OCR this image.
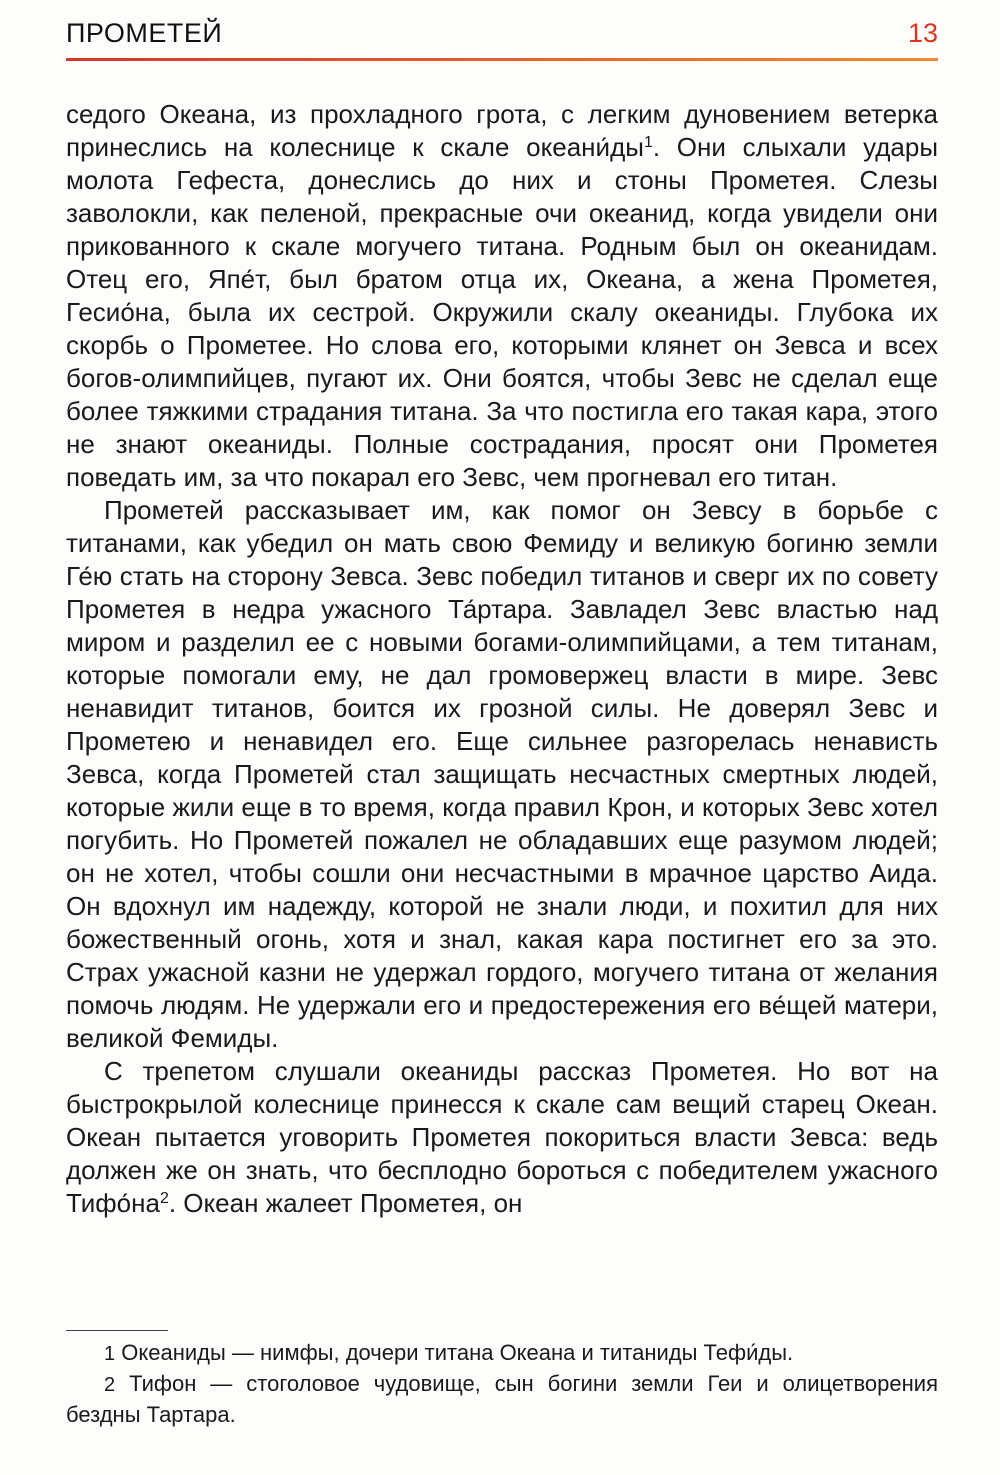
ПРОМЕТЕЙ	13

седого Океана, из прохладного грота, с легким дуновением ветерка принеслись на колеснице к скале $океани́ды^1$. Они слыхали удары молота Гефеста, донеслись до них и стоны Прометея. Слезы заволокли, как пеленой, прекрасные очи океанид, когда увидели они прикованного к скале могучего титана. Родным был он океанидам. Отец его, Япе́т, был братом отца их, Океана, а жена Прометея, Гесио́на, была их сестрой. Окружили скалу океаниды. Глубока их скорбь о Прометее. Но слова его, которыми клянет он Зевса и всех богов-олимпийцев, пугают их. Они боятся, чтобы Зевс не сделал еще более тяжкими страдания титана. За что постигла его такая кара, этого не знают океаниды. Полные сострадания, просят они Прометея поведать им, за что покарал его Зевс, чем прогневал его титан.

Прометей рассказывает им, как помог он Зевсу в борьбе с титанами, как убедил он мать свою Фемиду и великую богиню земли Ге́ю стать на сторону Зевса. Зевс победил титанов и сверг их по совету Прометея в недра ужасного Та́ртара. Завладел Зевс властью над миром и разделил ее с новыми богами-олимпийцами, а тем титанам, которые помогали ему, не дал громовержец власти в мире. Зевс ненавидит титанов, боится их грозной силы. Не доверял Зевс и Прометею и ненавидел его. Еще сильнее разгорелась ненависть Зевса, когда Прометей стал защищать несчастных смертных людей, которые жили еще в то время, когда правил Крон, и которых Зевс хотел погубить. Но Прометей пожалел не обладавших еще разумом людей; он не хотел, чтобы сошли они несчастными в мрачное царство Аида. Он вдохнул им надежду, которой не знали люди, и похитил для них божественный огонь, хотя и знал, какая кара постигнет его за это. Страх ужасной казни не удержал гордого, могучего титана от желания помочь людям. Не удержали его и предостережения его ве́щей матери, великой Фемиды.

С трепетом слушали океаниды рассказ Прометея. Но вот на быстрокрылой колеснице принесся к скале сам вещий старец Океан. Океан пытается уговорить Прометея покориться власти Зевса: ведь должен же он знать, что бесплодно бороться с победителем ужасного $Тифо́на^2$. Океан жалеет Прометея, он

1 Океаниды — нимфы, дочери титана Океана и титаниды Тефи́ды.

2 Тифон — стоголовое чудовище, сын богини земли Геи и олицетворения бездны Тартара.
